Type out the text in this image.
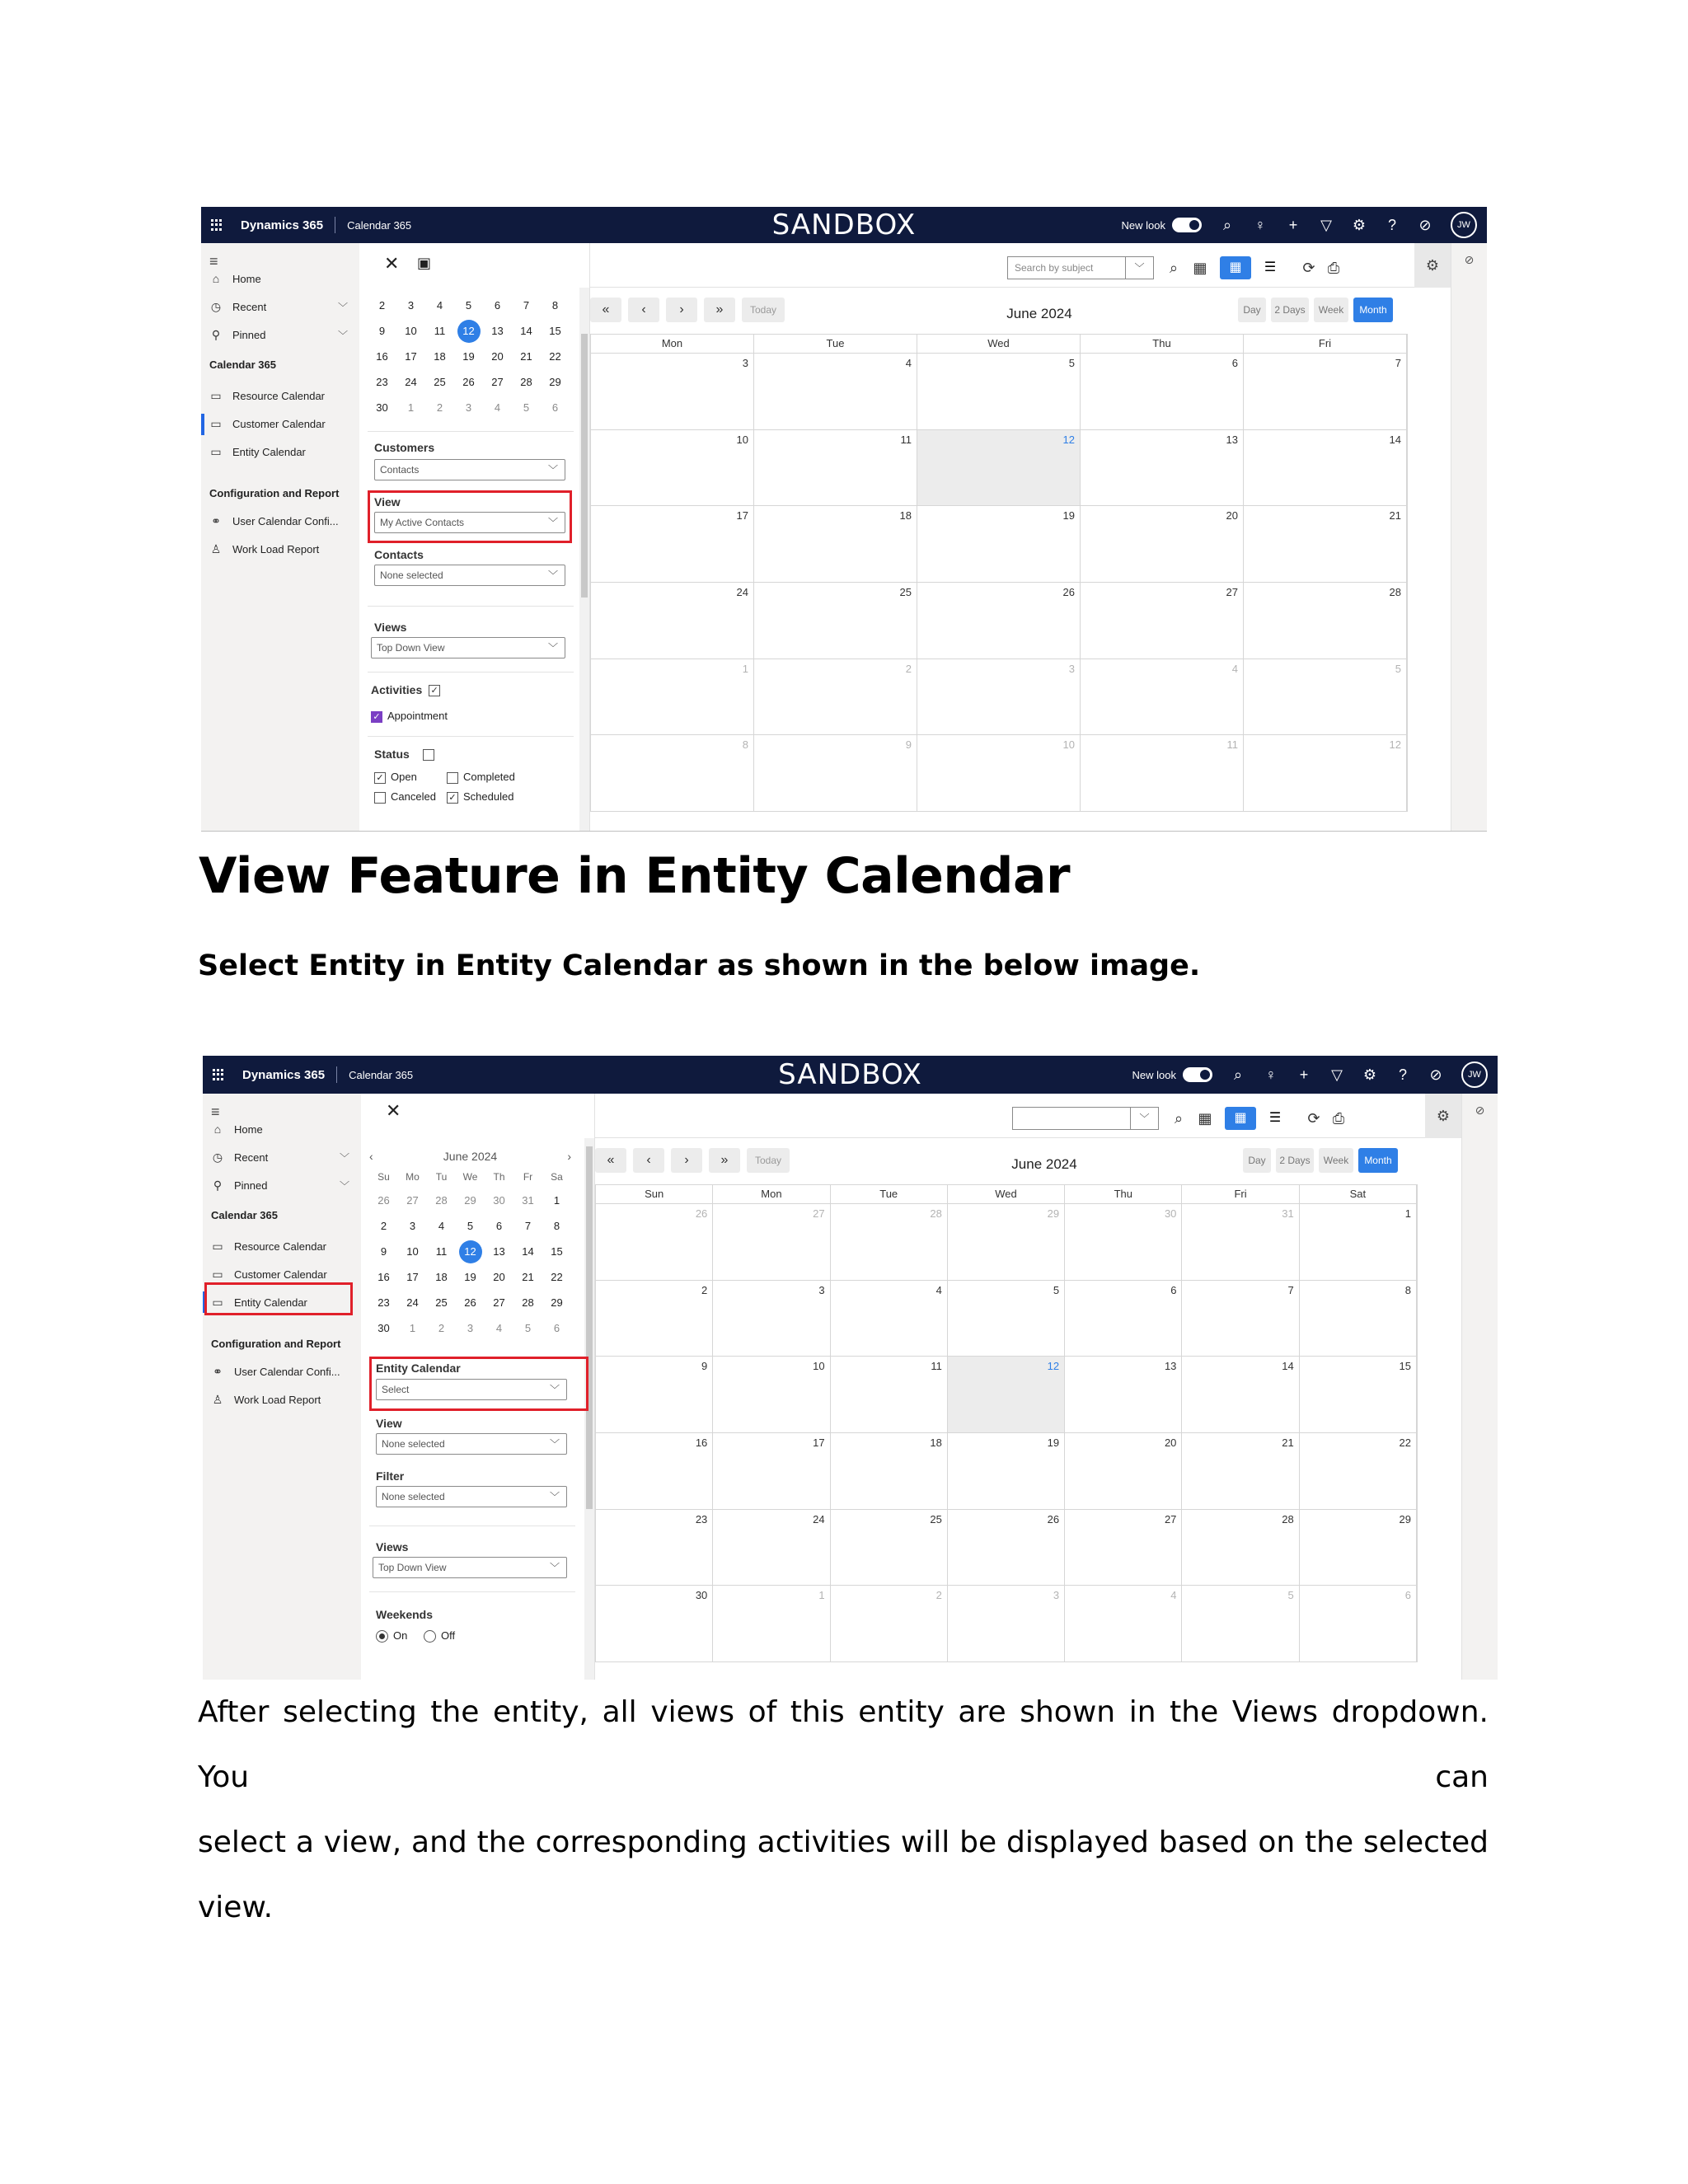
Dynamics 365 Calendar 365	SANDBOX	New look	⌕ ♀ + ▽ ⚙ ? ⊘	JW
≡
⌂ Home
◷ Recent	﹀
⚲ Pinned	﹀
Calendar 365
▭ Resource Calendar
▭ Customer Calendar
▭ Entity Calendar
Configuration and Report
⚭ User Calendar Confi...
♙ Work Load Report
✕ ▣
2	3	4	5	6	7	8
9	10	11	12	13	14	15
16	17	18	19	20	21	22
23	24	25	26	27	28	29
30	1	2	3	4	5	6
Customers
Contacts	﹀
View
My Active Contacts	﹀
Contacts
None selected	﹀
Views
Top Down View	﹀
Activities ✓
✓ Appointment
Status
✓ Open	Completed
Canceled ✓ Scheduled
Search by subject	﹀	⌕	▦	▦	☰	⟳ ⎙	⚙
«	‹	›	»	Today	June 2024	Day	2 Days	Week	Month
Mon	Tue	Wed	Thu	Fri
3	4	5	6	7
10	11	12	13	14
17	18	19	20	21
24	25	26	27	28
1	2	3	4	5
8	9	10	11	12
⊘
View Feature in Entity Calendar
Select Entity in Entity Calendar as shown in the below image.
Dynamics 365 Calendar 365	SANDBOX	New look	⌕ ♀ + ▽ ⚙ ? ⊘	JW
≡
⌂ Home
◷ Recent	﹀
⚲ Pinned	﹀
Calendar 365
▭ Resource Calendar
▭ Customer Calendar
▭ Entity Calendar
Configuration and Report
⚭ User Calendar Confi...
♙ Work Load Report
✕
‹	June 2024	›
Su	Mo	Tu	We	Th	Fr	Sa
26	27	28	29	30	31	1
2	3	4	5	6	7	8
9	10	11	12	13	14	15
16	17	18	19	20	21	22
23	24	25	26	27	28	29
30	1	2	3	4	5	6
Entity Calendar
Select	﹀
View
None selected	﹀
Filter
None selected	﹀
Views
Top Down View	﹀
Weekends
On	Off
﹀	⌕	▦	▦	☰	⟳ ⎙	⚙
«	‹	›	»	Today	June 2024	Day	2 Days	Week	Month
Sun	Mon	Tue	Wed	Thu	Fri	Sat
26	27	28	29	30	31	1
2	3	4	5	6	7	8
9	10	11	12	13	14	15
16	17	18	19	20	21	22
23	24	25	26	27	28	29
30	1	2	3	4	5	6
⊘
After selecting the entity, all views of this entity are shown in the Views dropdown. You can
select a view, and the corresponding activities will be displayed based on the selected view.
